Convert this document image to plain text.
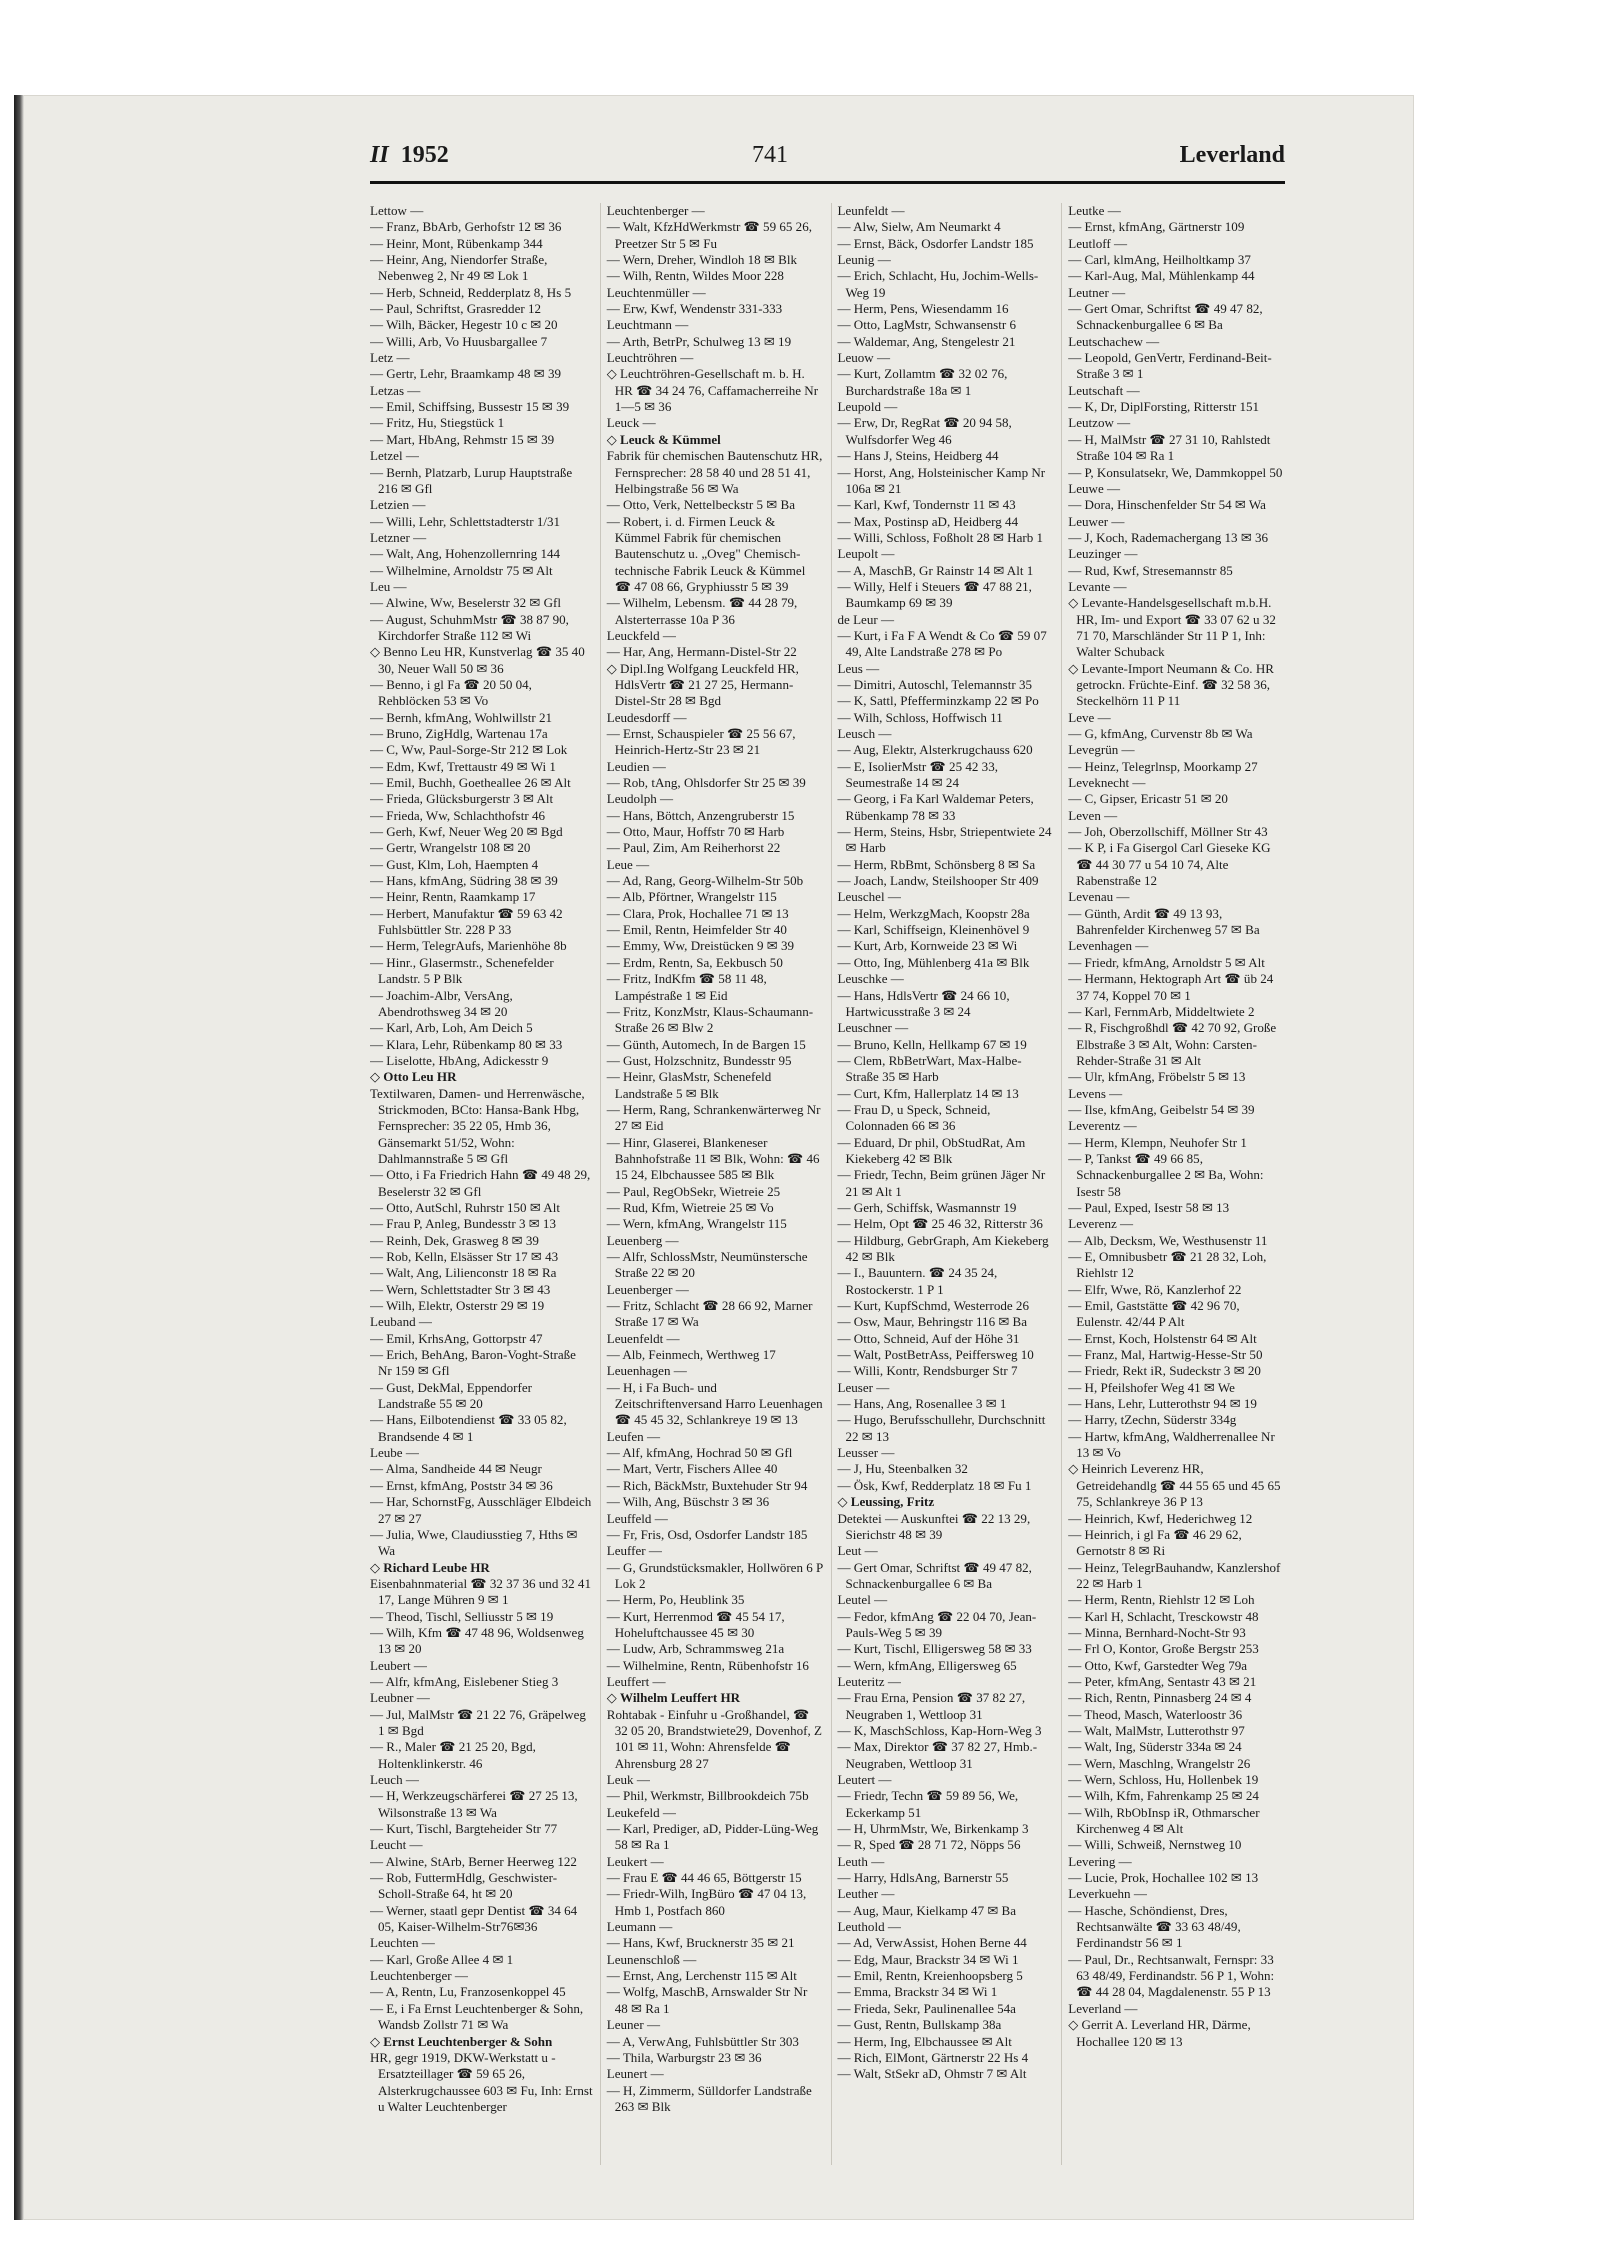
II 1952	741	Leverland
Lettow —
— Franz, BbArb, Gerhofstr 12 ✉ 36
— Heinr, Mont, Rübenkamp 344
— Heinr, Ang, Niendorfer Straße, Nebenweg 2, Nr 49 ✉ Lok 1
— Herb, Schneid, Redderplatz 8, Hs 5
— Paul, Schriftst, Grasredder 12
— Wilh, Bäcker, Hegestr 10 c ✉ 20
— Willi, Arb, Vo Huusbargallee 7
Letz —
— Gertr, Lehr, Braamkamp 48 ✉ 39
Letzas —
— Emil, Schiffsing, Bussestr 15 ✉ 39
— Fritz, Hu, Stiegstück 1
— Mart, HbAng, Rehmstr 15 ✉ 39
Letzel —
— Bernh, Platzarb, Lurup Hauptstraße 216 ✉ Gfl
Letzien —
— Willi, Lehr, Schlettstadterstr 1/31
Letzner —
— Walt, Ang, Hohenzollernring 144
— Wilhelmine, Arnoldstr 75 ✉ Alt
Leu —
— Alwine, Ww, Beselerstr 32 ✉ Gfl
— August, SchuhmMstr ☎ 38 87 90, Kirchdorfer Straße 112 ✉ Wi
◇ Benno Leu HR, Kunstverlag ☎ 35 40 30, Neuer Wall 50 ✉ 36
— Benno, i gl Fa ☎ 20 50 04, Rehblöcken 53 ✉ Vo
— Bernh, kfmAng, Wohlwillstr 21
— Bruno, ZigHdlg, Wartenau 17a
— C, Ww, Paul-Sorge-Str 212 ✉ Lok
— Edm, Kwf, Trettaustr 49 ✉ Wi 1
— Emil, Buchh, Goetheallee 26 ✉ Alt
— Frieda, Glücksburgerstr 3 ✉ Alt
— Frieda, Ww, Schlachthofstr 46
— Gerh, Kwf, Neuer Weg 20 ✉ Bgd
— Gertr, Wrangelstr 108 ✉ 20
— Gust, Klm, Loh, Haempten 4
— Hans, kfmAng, Südring 38 ✉ 39
— Heinr, Rentn, Raamkamp 17
— Herbert, Manufaktur ☎ 59 63 42 Fuhlsbüttler Str. 228 P 33
— Herm, TelegrAufs, Marienhöhe 8b
— Hinr., Glasermstr., Schenefelder Landstr. 5 P Blk
— Joachim-Albr, VersAng, Abendrothsweg 34 ✉ 20
— Karl, Arb, Loh, Am Deich 5
— Klara, Lehr, Rübenkamp 80 ✉ 33
— Liselotte, HbAng, Adickesstr 9
◇ Otto Leu HR
Textilwaren, Damen- und Herrenwäsche, Strickmoden, BCto: Hansa-Bank Hbg, Fernsprecher: 35 22 05, Hmb 36, Gänsemarkt 51/52, Wohn: Dahlmannstraße 5 ✉ Gfl
— Otto, i Fa Friedrich Hahn ☎ 49 48 29, Beselerstr 32 ✉ Gfl
— Otto, AutSchl, Ruhrstr 150 ✉ Alt
— Frau P, Anleg, Bundesstr 3 ✉ 13
— Reinh, Dek, Grasweg 8 ✉ 39
— Rob, Kelln, Elsässer Str 17 ✉ 43
— Walt, Ang, Lilienconstr 18 ✉ Ra
— Wern, Schlettstadter Str 3 ✉ 43
— Wilh, Elektr, Osterstr 29 ✉ 19
Leuband —
— Emil, KrhsAng, Gottorpstr 47
— Erich, BehAng, Baron-Voght-Straße Nr 159 ✉ Gfl
— Gust, DekMal, Eppendorfer Landstraße 55 ✉ 20
— Hans, Eilbotendienst ☎ 33 05 82, Brandsende 4 ✉ 1
Leube —
— Alma, Sandheide 44 ✉ Neugr
— Ernst, kfmAng, Poststr 34 ✉ 36
— Har, SchornstFg, Ausschläger Elbdeich 27 ✉ 27
— Julia, Wwe, Claudiusstieg 7, Hths ✉ Wa
◇ Richard Leube HR
Eisenbahnmaterial ☎ 32 37 36 und 32 41 17, Lange Mühren 9 ✉ 1
— Theod, Tischl, Selliusstr 5 ✉ 19
— Wilh, Kfm ☎ 47 48 96, Woldsenweg 13 ✉ 20
Leubert —
— Alfr, kfmAng, Eislebener Stieg 3
Leubner —
— Jul, MalMstr ☎ 21 22 76, Gräpelweg 1 ✉ Bgd
— R., Maler ☎ 21 25 20, Bgd, Holtenklinkerstr. 46
Leuch —
— H, Werkzeugschärferei ☎ 27 25 13, Wilsonstraße 13 ✉ Wa
— Kurt, Tischl, Bargteheider Str 77
Leucht —
— Alwine, StArb, Berner Heerweg 122
— Rob, FuttermHdlg, Geschwister-Scholl-Straße 64, ht ✉ 20
— Werner, staatl gepr Dentist ☎ 34 64 05, Kaiser-Wilhelm-Str76✉36
Leuchten —
— Karl, Große Allee 4 ✉ 1
Leuchtenberger —
— A, Rentn, Lu, Franzosenkoppel 45
— E, i Fa Ernst Leuchtenberger & Sohn, Wandsb Zollstr 71 ✉ Wa
◇ Ernst Leuchtenberger & Sohn
HR, gegr 1919, DKW-Werkstatt u -Ersatzteillager ☎ 59 65 26, Alsterkrugchaussee 603 ✉ Fu, Inh: Ernst u Walter Leuchtenberger
Leuchtenberger —
— Walt, KfzHdWerkmstr ☎ 59 65 26, Preetzer Str 5 ✉ Fu
— Wern, Dreher, Windloh 18 ✉ Blk
— Wilh, Rentn, Wildes Moor 228
Leuchtenmüller —
— Erw, Kwf, Wendenstr 331-333
Leuchtmann —
— Arth, BetrPr, Schulweg 13 ✉ 19
Leuchtröhren —
◇ Leuchtröhren-Gesellschaft m. b. H. HR ☎ 34 24 76, Caffamacherreihe Nr 1—5 ✉ 36
Leuck —
◇ Leuck & Kümmel
Fabrik für chemischen Bautenschutz HR, Fernsprecher: 28 58 40 und 28 51 41, Helbingstraße 56 ✉ Wa
— Otto, Verk, Nettelbeckstr 5 ✉ Ba
— Robert, i. d. Firmen Leuck & Kümmel Fabrik für chemischen Bautenschutz u. „Oveg" Chemisch-technische Fabrik Leuck & Kümmel ☎ 47 08 66, Gryphiusstr 5 ✉ 39
— Wilhelm, Lebensm. ☎ 44 28 79, Alsterterrasse 10a P 36
Leuckfeld —
— Har, Ang, Hermann-Distel-Str 22
◇ Dipl.Ing Wolfgang Leuckfeld HR, HdlsVertr ☎ 21 27 25, Hermann-Distel-Str 28 ✉ Bgd
Leudesdorff —
— Ernst, Schauspieler ☎ 25 56 67, Heinrich-Hertz-Str 23 ✉ 21
Leudien —
— Rob, tAng, Ohlsdorfer Str 25 ✉ 39
Leudolph —
— Hans, Böttch, Anzengruberstr 15
— Otto, Maur, Hoffstr 70 ✉ Harb
— Paul, Zim, Am Reiherhorst 22
Leue —
— Ad, Rang, Georg-Wilhelm-Str 50b
— Alb, Pförtner, Wrangelstr 115
— Clara, Prok, Hochallee 71 ✉ 13
— Emil, Rentn, Heimfelder Str 40
— Emmy, Ww, Dreistücken 9 ✉ 39
— Erdm, Rentn, Sa, Eekbusch 50
— Fritz, IndKfm ☎ 58 11 48, Lampéstraße 1 ✉ Eid
— Fritz, KonzMstr, Klaus-Schaumann-Straße 26 ✉ Blw 2
— Günth, Automech, In de Bargen 15
— Gust, Holzschnitz, Bundesstr 95
— Heinr, GlasMstr, Schenefeld Landstraße 5 ✉ Blk
— Herm, Rang, Schrankenwärterweg Nr 27 ✉ Eid
— Hinr, Glaserei, Blankeneser Bahnhofstraße 11 ✉ Blk, Wohn: ☎ 46 15 24, Elbchaussee 585 ✉ Blk
— Paul, RegObSekr, Wietreie 25
— Rud, Kfm, Wietreie 25 ✉ Vo
— Wern, kfmAng, Wrangelstr 115
Leuenberg —
— Alfr, SchlossMstr, Neumünstersche Straße 22 ✉ 20
Leuenberger —
— Fritz, Schlacht ☎ 28 66 92, Marner Straße 17 ✉ Wa
Leuenfeldt —
— Alb, Feinmech, Werthweg 17
Leuenhagen —
— H, i Fa Buch- und Zeitschriftenversand Harro Leuenhagen ☎ 45 45 32, Schlankreye 19 ✉ 13
Leufen —
— Alf, kfmAng, Hochrad 50 ✉ Gfl
— Mart, Vertr, Fischers Allee 40
— Rich, BäckMstr, Buxtehuder Str 94
— Wilh, Ang, Büschstr 3 ✉ 36
Leuffeld —
— Fr, Fris, Osd, Osdorfer Landstr 185
Leuffer —
— G, Grundstücksmakler, Hollwören 6 P Lok 2
— Herm, Po, Heublink 35
— Kurt, Herrenmod ☎ 45 54 17, Hoheluftchaussee 45 ✉ 30
— Ludw, Arb, Schrammsweg 21a
— Wilhelmine, Rentn, Rübenhofstr 16
Leuffert —
◇ Wilhelm Leuffert HR
Rohtabak - Einfuhr u -Großhandel, ☎ 32 05 20, Brandstwiete29, Dovenhof, Z 101 ✉ 11, Wohn: Ahrensfelde ☎ Ahrensburg 28 27
Leuk —
— Phil, Werkmstr, Billbrookdeich 75b
Leukefeld —
— Karl, Prediger, aD, Pidder-Lüng-Weg 58 ✉ Ra 1
Leukert —
— Frau E ☎ 44 46 65, Böttgerstr 15
— Friedr-Wilh, IngBüro ☎ 47 04 13, Hmb 1, Postfach 860
Leumann —
— Hans, Kwf, Brucknerstr 35 ✉ 21
Leunenschloß —
— Ernst, Ang, Lerchenstr 115 ✉ Alt
— Wolfg, MaschB, Arnswalder Str Nr 48 ✉ Ra 1
Leuner —
— A, VerwAng, Fuhlsbüttler Str 303
— Thila, Warburgstr 23 ✉ 36
Leunert —
— H, Zimmerm, Sülldorfer Landstraße 263 ✉ Blk
Leunfeldt —
— Alw, Sielw, Am Neumarkt 4
— Ernst, Bäck, Osdorfer Landstr 185
Leunig —
— Erich, Schlacht, Hu, Jochim-Wells-Weg 19
— Herm, Pens, Wiesendamm 16
— Otto, LagMstr, Schwansenstr 6
— Waldemar, Ang, Stengelestr 21
Leuow —
— Kurt, Zollamtm ☎ 32 02 76, Burchardstraße 18a ✉ 1
Leupold —
— Erw, Dr, RegRat ☎ 20 94 58, Wulfsdorfer Weg 46
— Hans J, Steins, Heidberg 44
— Horst, Ang, Holsteinischer Kamp Nr 106a ✉ 21
— Karl, Kwf, Tondernstr 11 ✉ 43
— Max, Postinsp aD, Heidberg 44
— Willi, Schloss, Foßholt 28 ✉ Harb 1
Leupolt —
— A, MaschB, Gr Rainstr 14 ✉ Alt 1
— Willy, Helf i Steuers ☎ 47 88 21, Baumkamp 69 ✉ 39
de Leur —
— Kurt, i Fa F A Wendt & Co ☎ 59 07 49, Alte Landstraße 278 ✉ Po
Leus —
— Dimitri, Autoschl, Telemannstr 35
— K, Sattl, Pfefferminzkamp 22 ✉ Po
— Wilh, Schloss, Hoffwisch 11
Leusch —
— Aug, Elektr, Alsterkrugchauss 620
— E, IsolierMstr ☎ 25 42 33, Seumestraße 14 ✉ 24
— Georg, i Fa Karl Waldemar Peters, Rübenkamp 78 ✉ 33
— Herm, Steins, Hsbr, Striepentwiete 24 ✉ Harb
— Herm, RbBmt, Schönsberg 8 ✉ Sa
— Joach, Landw, Steilshooper Str 409
Leuschel —
— Helm, WerkzgMach, Koopstr 28a
— Karl, Schiffseign, Kleinenhövel 9
— Kurt, Arb, Kornweide 23 ✉ Wi
— Otto, Ing, Mühlenberg 41a ✉ Blk
Leuschke —
— Hans, HdlsVertr ☎ 24 66 10, Hartwicusstraße 3 ✉ 24
Leuschner —
— Bruno, Kelln, Hellkamp 67 ✉ 19
— Clem, RbBetrWart, Max-Halbe-Straße 35 ✉ Harb
— Curt, Kfm, Hallerplatz 14 ✉ 13
— Frau D, u Speck, Schneid, Colonnaden 66 ✉ 36
— Eduard, Dr phil, ObStudRat, Am Kiekeberg 42 ✉ Blk
— Friedr, Techn, Beim grünen Jäger Nr 21 ✉ Alt 1
— Gerh, Schiffsk, Wasmannstr 19
— Helm, Opt ☎ 25 46 32, Ritterstr 36
— Hildburg, GebrGraph, Am Kiekeberg 42 ✉ Blk
— I., Bauuntern. ☎ 24 35 24, Rostockerstr. 1 P 1
— Kurt, KupfSchmd, Westerrode 26
— Osw, Maur, Behringstr 116 ✉ Ba
— Otto, Schneid, Auf der Höhe 31
— Walt, PostBetrAss, Peiffersweg 10
— Willi, Kontr, Rendsburger Str 7
Leuser —
— Hans, Ang, Rosenallee 3 ✉ 1
— Hugo, Berufsschullehr, Durchschnitt 22 ✉ 13
Leusser —
— J, Hu, Steenbalken 32
— Ösk, Kwf, Redderplatz 18 ✉ Fu 1
◇ Leussing, Fritz
Detektei — Auskunftei ☎ 22 13 29, Sierichstr 48 ✉ 39
Leut —
— Gert Omar, Schriftst ☎ 49 47 82, Schnackenburgallee 6 ✉ Ba
Leutel —
— Fedor, kfmAng ☎ 22 04 70, Jean-Pauls-Weg 5 ✉ 39
— Kurt, Tischl, Elligersweg 58 ✉ 33
— Wern, kfmAng, Elligersweg 65
Leuteritz —
— Frau Erna, Pension ☎ 37 82 27, Neugraben 1, Wettloop 31
— K, MaschSchloss, Kap-Horn-Weg 3
— Max, Direktor ☎ 37 82 27, Hmb.-Neugraben, Wettloop 31
Leutert —
— Friedr, Techn ☎ 59 89 56, We, Eckerkamp 51
— H, UhrmMstr, We, Birkenkamp 3
— R, Sped ☎ 28 71 72, Nöpps 56
Leuth —
— Harry, HdlsAng, Barnerstr 55
Leuther —
— Aug, Maur, Kielkamp 47 ✉ Ba
Leuthold —
— Ad, VerwAssist, Hohen Berne 44
— Edg, Maur, Brackstr 34 ✉ Wi 1
— Emil, Rentn, Kreienhoopsberg 5
— Emma, Brackstr 34 ✉ Wi 1
— Frieda, Sekr, Paulinenallee 54a
— Gust, Rentn, Bullskamp 38a
— Herm, Ing, Elbchaussee ✉ Alt
— Rich, ElMont, Gärtnerstr 22 Hs 4
— Walt, StSekr aD, Ohmstr 7 ✉ Alt
Leutke —
— Ernst, kfmAng, Gärtnerstr 109
Leutloff —
— Carl, klmAng, Heilholtkamp 37
— Karl-Aug, Mal, Mühlenkamp 44
Leutner —
— Gert Omar, Schriftst ☎ 49 47 82, Schnackenburgallee 6 ✉ Ba
Leutschachew —
— Leopold, GenVertr, Ferdinand-Beit-Straße 3 ✉ 1
Leutschaft —
— K, Dr, DiplForsting, Ritterstr 151
Leutzow —
— H, MalMstr ☎ 27 31 10, Rahlstedt Straße 104 ✉ Ra 1
— P, Konsulatsekr, We, Dammkoppel 50
Leuwe —
— Dora, Hinschenfelder Str 54 ✉ Wa
Leuwer —
— J, Koch, Rademachergang 13 ✉ 36
Leuzinger —
— Rud, Kwf, Stresemannstr 85
Levante —
◇ Levante-Handelsgesellschaft m.b.H. HR, Im- und Export ☎ 33 07 62 u 32 71 70, Marschländer Str 11 P 1, Inh: Walter Schuback
◇ Levante-Import Neumann & Co. HR getrockn. Früchte-Einf. ☎ 32 58 36, Steckelhörn 11 P 11
Leve —
— G, kfmAng, Curvenstr 8b ✉ Wa
Levegrün —
— Heinz, Telegrlnsp, Moorkamp 27
Leveknecht —
— C, Gipser, Ericastr 51 ✉ 20
Leven —
— Joh, Oberzollschiff, Möllner Str 43
— K P, i Fa Gisergol Carl Gieseke KG ☎ 44 30 77 u 54 10 74, Alte Rabenstraße 12
Levenau —
— Günth, Ardit ☎ 49 13 93, Bahrenfelder Kirchenweg 57 ✉ Ba
Levenhagen —
— Friedr, kfmAng, Arnoldstr 5 ✉ Alt
— Hermann, Hektograph Art ☎ üb 24 37 74, Koppel 70 ✉ 1
— Karl, FernmArb, Middeltwiete 2
— R, Fischgroßhdl ☎ 42 70 92, Große Elbstraße 3 ✉ Alt, Wohn: Carsten-Rehder-Straße 31 ✉ Alt
— Ulr, kfmAng, Fröbelstr 5 ✉ 13
Levens —
— Ilse, kfmAng, Geibelstr 54 ✉ 39
Leverentz —
— Herm, Klempn, Neuhofer Str 1
— P, Tankst ☎ 49 66 85, Schnackenburgallee 2 ✉ Ba, Wohn: Isestr 58
— Paul, Exped, Isestr 58 ✉ 13
Leverenz —
— Alb, Decksm, We, Westhusenstr 11
— E, Omnibusbetr ☎ 21 28 32, Loh, Riehlstr 12
— Elfr, Wwe, Rö, Kanzlerhof 22
— Emil, Gaststätte ☎ 42 96 70, Eulenstr. 42/44 P Alt
— Ernst, Koch, Holstenstr 64 ✉ Alt
— Franz, Mal, Hartwig-Hesse-Str 50
— Friedr, Rekt iR, Sudeckstr 3 ✉ 20
— H, Pfeilshofer Weg 41 ✉ We
— Hans, Lehr, Lutterothstr 94 ✉ 19
— Harry, tZechn, Süderstr 334g
— Hartw, kfmAng, Waldherrenallee Nr 13 ✉ Vo
◇ Heinrich Leverenz HR, Getreidehandlg ☎ 44 55 65 und 45 65 75, Schlankreye 36 P 13
— Heinrich, Kwf, Hederichweg 12
— Heinrich, i gl Fa ☎ 46 29 62, Gernotstr 8 ✉ Ri
— Heinz, TelegrBauhandw, Kanzlershof 22 ✉ Harb 1
— Herm, Rentn, Riehlstr 12 ✉ Loh
— Karl H, Schlacht, Tresckowstr 48
— Minna, Bernhard-Nocht-Str 93
— Frl O, Kontor, Große Bergstr 253
— Otto, Kwf, Garstedter Weg 79a
— Peter, kfmAng, Sentastr 43 ✉ 21
— Rich, Rentn, Pinnasberg 24 ✉ 4
— Theod, Masch, Waterloostr 36
— Walt, MalMstr, Lutterothstr 97
— Walt, Ing, Süderstr 334a ✉ 24
— Wern, Maschlng, Wrangelstr 26
— Wern, Schloss, Hu, Hollenbek 19
— Wilh, Kfm, Fahrenkamp 25 ✉ 24
— Wilh, RbObInsp iR, Othmarscher Kirchenweg 4 ✉ Alt
— Willi, Schweiß, Nernstweg 10
Levering —
— Lucie, Prok, Hochallee 102 ✉ 13
Leverkuehn —
— Hasche, Schöndienst, Dres, Rechtsanwälte ☎ 33 63 48/49, Ferdinandstr 56 ✉ 1
— Paul, Dr., Rechtsanwalt, Fernspr: 33 63 48/49, Ferdinandstr. 56 P 1, Wohn: ☎ 44 28 04, Magdalenenstr. 55 P 13
Leverland —
◇ Gerrit A. Leverland HR, Därme, Hochallee 120 ✉ 13
